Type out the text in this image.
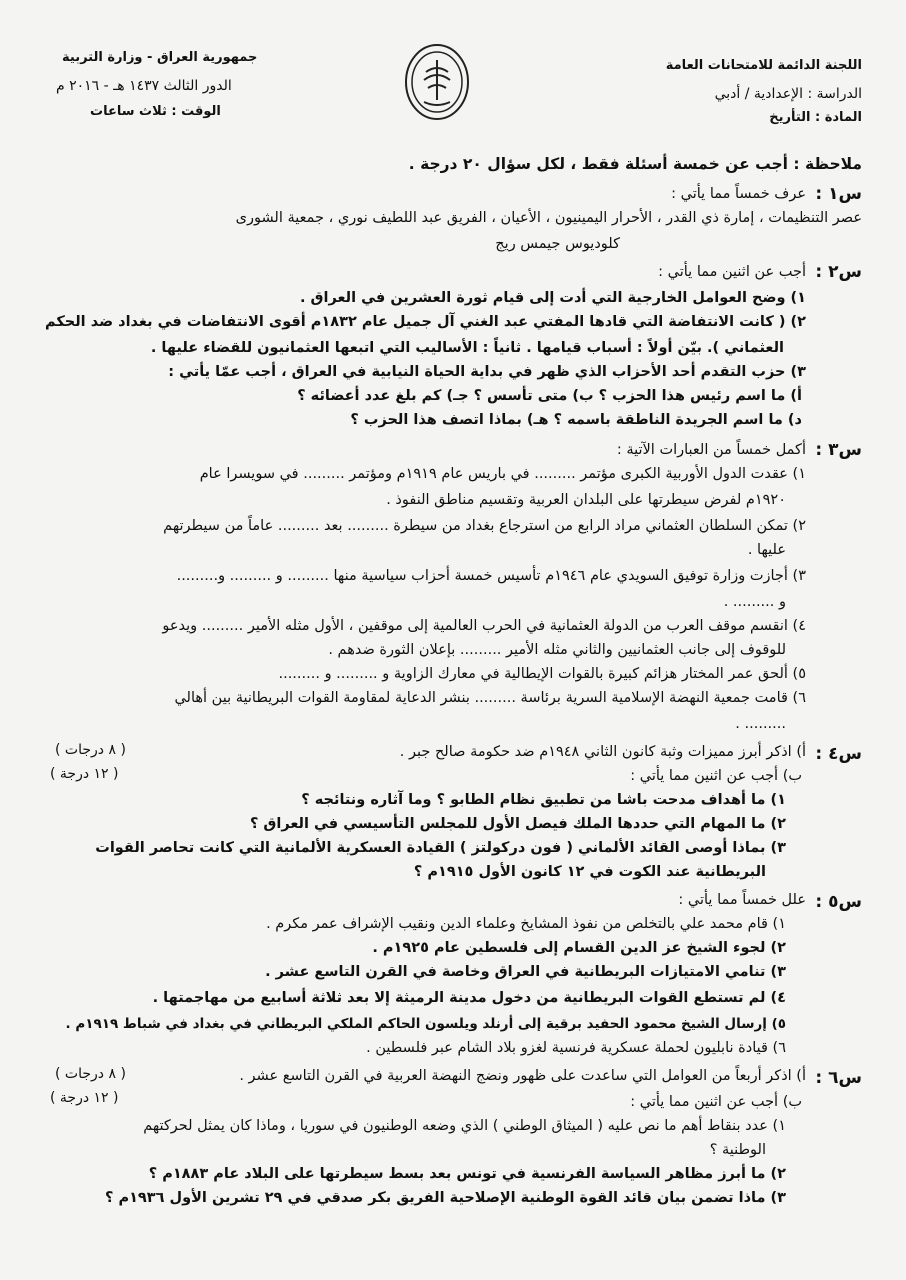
اللجنة الدائمة للامتحانات العامة
الدراسة : الإعدادية / أدبي
المادة : التأريخ
جمهورية العراق - وزارة التربية
الدور الثالث ١٤٣٧ هـ - ٢٠١٦ م
الوقت : ثلاث ساعات
ملاحظة : أجب عن خمسة أسئلة فقط ، لكل سؤال ٢٠ درجة .
س١ :
عرف خمساً مما يأتي :
عصر التنظيمات ، إمارة ذي القدر ، الأحرار اليمينيون ، الأعيان ، الفريق عبد اللطيف نوري ، جمعية الشورى
كلوديوس جيمس ريج
س٢ :
أجب عن اثنين مما يأتي :
١) وضح العوامل الخارجية التي أدت إلى قيام ثورة العشرين في العراق .
٢) ( كانت الانتفاضة التي قادها المفتي عبد الغني آل جميل عام ١٨٣٢م أقوى الانتفاضات في بغداد ضد الحكم
العثماني ). بيّن أولاً : أسباب قيامها . ثانياً : الأساليب التي اتبعها العثمانيون للقضاء عليها .
٣) حزب التقدم أحد الأحزاب الذي ظهر في بداية الحياة النيابية في العراق ، أجب عمّا يأتي :
أ) ما اسم رئيس هذا الحزب ؟ ب) متى تأسس ؟ جـ) كم بلغ عدد أعضائه ؟
د) ما اسم الجريدة الناطقة باسمه ؟ هـ) بماذا اتصف هذا الحزب ؟
س٣ :
أكمل خمساً من العبارات الآتية :
١) عقدت الدول الأوربية الكبرى مؤتمر ......... في باريس عام ١٩١٩م ومؤتمر ......... في سويسرا عام
١٩٢٠م لفرض سيطرتها على البلدان العربية وتقسيم مناطق النفوذ .
٢) تمكن السلطان العثماني مراد الرابع من استرجاع بغداد من سيطرة ......... بعد ......... عاماً من سيطرتهم
عليها .
٣) أجازت وزارة توفيق السويدي عام ١٩٤٦م تأسيس خمسة أحزاب سياسية منها ......... و ......... و.........
و ......... .
٤) انقسم موقف العرب من الدولة العثمانية في الحرب العالمية إلى موقفين ، الأول مثله الأمير ......... ويدعو
للوقوف إلى جانب العثمانيين والثاني مثله الأمير ......... بإعلان الثورة ضدهم .
٥) ألحق عمر المختار هزائم كبيرة بالقوات الإيطالية في معارك الزاوية و ......... و .........
٦) قامت جمعية النهضة الإسلامية السرية برئاسة ......... بنشر الدعاية لمقاومة القوات البريطانية بين أهالي
......... .
س٤ :
أ) اذكر أبرز مميزات وثبة كانون الثاني ١٩٤٨م ضد حكومة صالح جبر .
ب) أجب عن اثنين مما يأتي :
١) ما أهداف مدحت باشا من تطبيق نظام الطابو ؟ وما آثاره ونتائجه ؟
٢) ما المهام التي حددها الملك فيصل الأول للمجلس التأسيسي في العراق ؟
٣) بماذا أوصى القائد الألماني ( فون دركولتز ) القيادة العسكرية الألمانية التي كانت تحاصر القوات
البريطانية عند الكوت في ١٢ كانون الأول ١٩١٥م ؟
( ٨ درجات )
( ١٢ درجة )
س٥ :
علل خمساً مما يأتي :
١) قام محمد علي بالتخلص من نفوذ المشايخ وعلماء الدين ونقيب الإشراف عمر مكرم .
٢) لجوء الشيخ عز الدين القسام إلى فلسطين عام ١٩٢٥م .
٣) تنامي الامتيازات البريطانية في العراق وخاصة في القرن التاسع عشر .
٤) لم تستطع القوات البريطانية من دخول مدينة الرميثة إلا بعد ثلاثة أسابيع من مهاجمتها .
٥) إرسال الشيخ محمود الحفيد برقية إلى أرنلد ويلسون الحاكم الملكي البريطاني في بغداد في شباط ١٩١٩م .
٦) قيادة نابليون لحملة عسكرية فرنسية لغزو بلاد الشام عبر فلسطين .
س٦ :
أ) اذكر أربعاً من العوامل التي ساعدت على ظهور ونضج النهضة العربية في القرن التاسع عشر .
ب) أجب عن اثنين مما يأتي :
١) عدد بنقاط أهم ما نص عليه ( الميثاق الوطني ) الذي وضعه الوطنيون في سوريا ، وماذا كان يمثل لحركتهم
الوطنية ؟
٢) ما أبرز مظاهر السياسة الفرنسية في تونس بعد بسط سيطرتها على البلاد عام ١٨٨٣م ؟
٣) ماذا تضمن بيان قائد القوة الوطنية الإصلاحية الفريق بكر صدقي في ٢٩ تشرين الأول ١٩٣٦م ؟
( ٨ درجات )
( ١٢ درجة )
